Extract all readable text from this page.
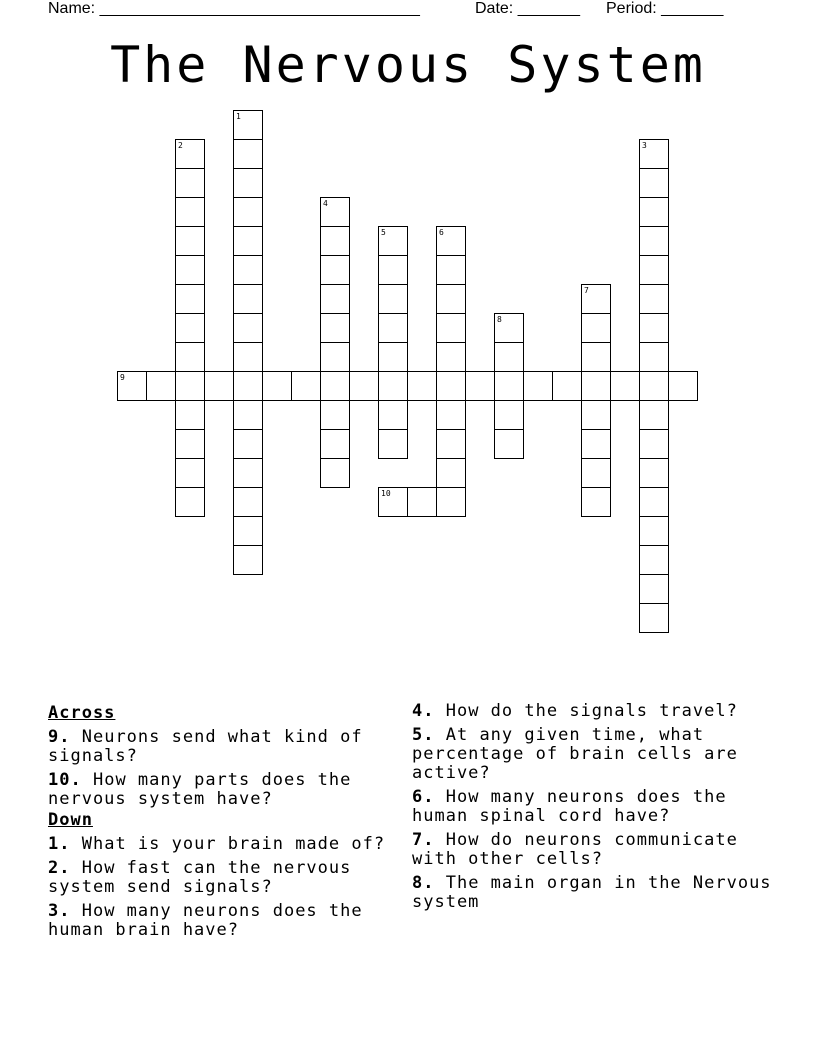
Name: ____________________________________	Date: _______ Period: _______
The Nervous System
1
2	3
4
5	6
7
8
9
10
Across
9. Neurons send what kind of signals?
10. How many parts does the nervous system have?
Down
1. What is your brain made of?
2. How fast can the nervous system send signals?
3. How many neurons does the human brain have?
4. How do the signals travel?
5. At any given time, what percentage of brain cells are active?
6. How many neurons does the human spinal cord have?
7. How do neurons communicate with other cells?
8. The main organ in the Nervous system
